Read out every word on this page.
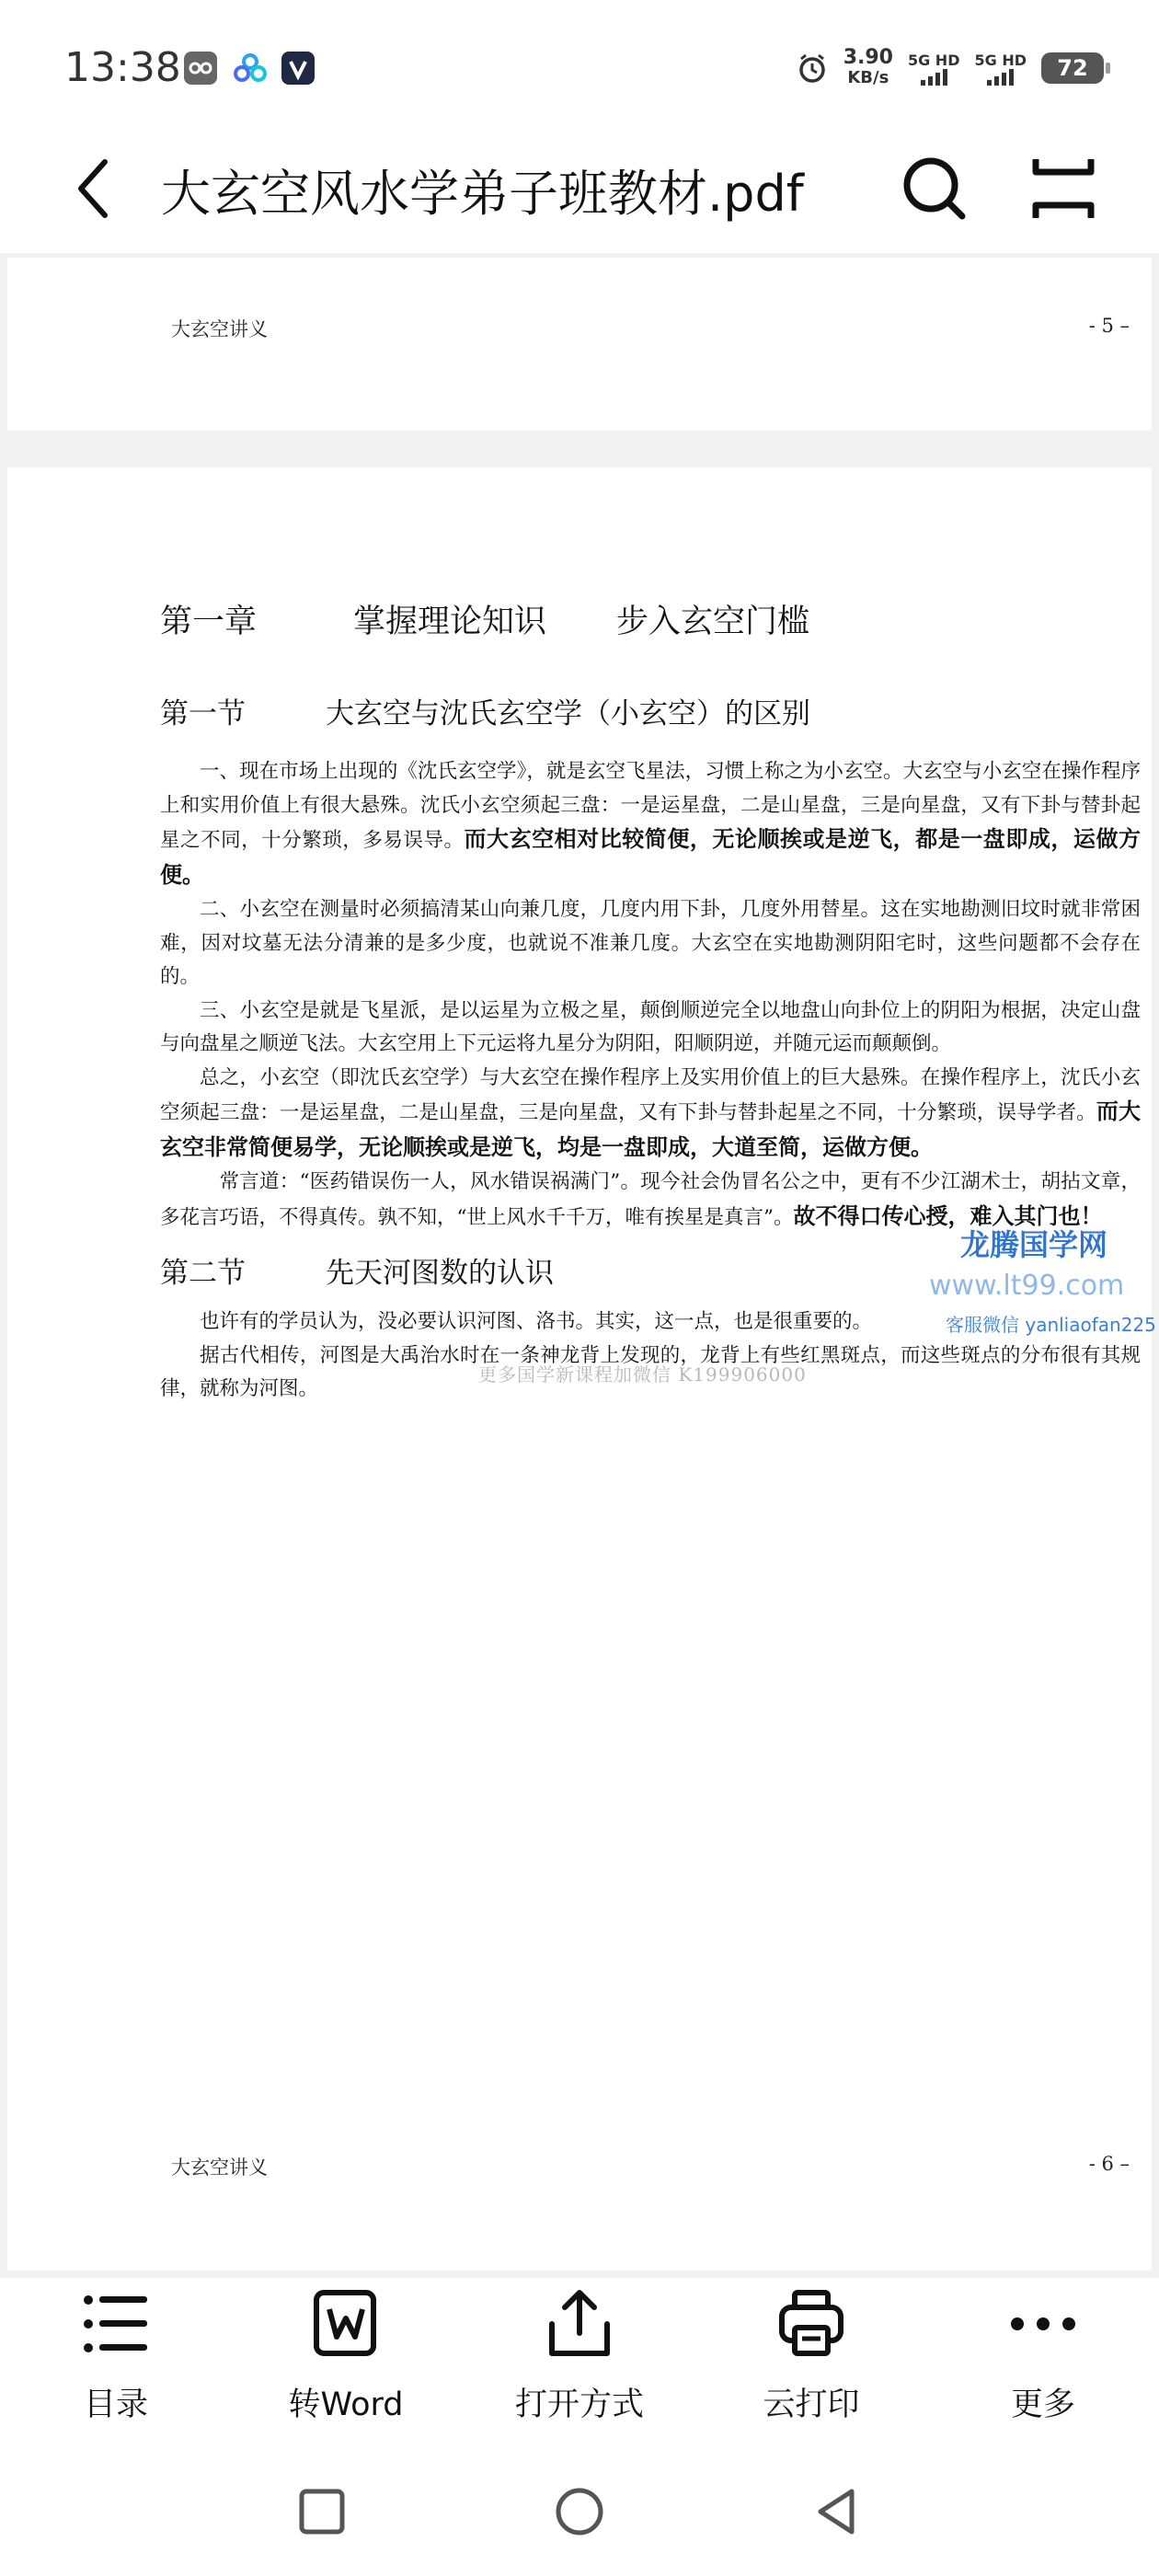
13:38	3.90
KB/s
5G HD 5G HD 72
大玄空风水学弟子班教材.pdf
大玄空讲义	- 5 –
第一章	掌握理论知识	步入玄空门槛
第一节	大玄空与沈氏玄空学（小玄空）的区别

一、现在市场上出现的《沈氏玄空学》，就是玄空飞星法，习惯上称之为小玄空。大玄空与小玄空在操作程序上和实用价值上有很大悬殊。沈氏小玄空须起三盘：一是运星盘，二是山星盘，三是向星盘，又有下卦与替卦起星之不同，十分繁琐，多易误导。而大玄空相对比较简便，无论顺挨或是逆飞，都是一盘即成，运做方便。

二、小玄空在测量时必须搞清某山向兼几度，几度内用下卦，几度外用替星。这在实地勘测旧坟时就非常困难，因对坟墓无法分清兼的是多少度，也就说不准兼几度。大玄空在实地勘测阴阳宅时，这些问题都不会存在的。

三、小玄空是就是飞星派，是以运星为立极之星，颠倒顺逆完全以地盘山向卦位上的阴阳为根据，决定山盘与向盘星之顺逆飞法。大玄空用上下元运将九星分为阴阳，阳顺阴逆，并随元运而颠颠倒。

总之，小玄空（即沈氏玄空学）与大玄空在操作程序上及实用价值上的巨大悬殊。在操作程序上，沈氏小玄空须起三盘：一是运星盘，二是山星盘，三是向星盘，又有下卦与替卦起星之不同，十分繁琐，误导学者。而大玄空非常简便易学，无论顺挨或是逆飞，均是一盘即成，大道至简，运做方便。

常言道：“医药错误伤一人，风水错误祸满门”。现今社会伪冒名公之中，更有不少江湖术士，胡拈文章，多花言巧语，不得真传。孰不知，“世上风水千千万，唯有挨星是真言”。故不得口传心授，难入其门也！

第二节	先天河图数的认识

也许有的学员认为，没必要认识河图、洛书。其实，这一点，也是很重要的。

据古代相传，河图是大禹治水时在一条神龙背上发现的，龙背上有些红黑斑点，而这些斑点的分布很有其规律，就称为河图。

大玄空讲义	- 6 –
龙腾国学网
www.lt99.com
客服微信 yanliaofan225
更多国学新课程加微信 K199906000
目录	转Word	打开方式	云打印	更多
